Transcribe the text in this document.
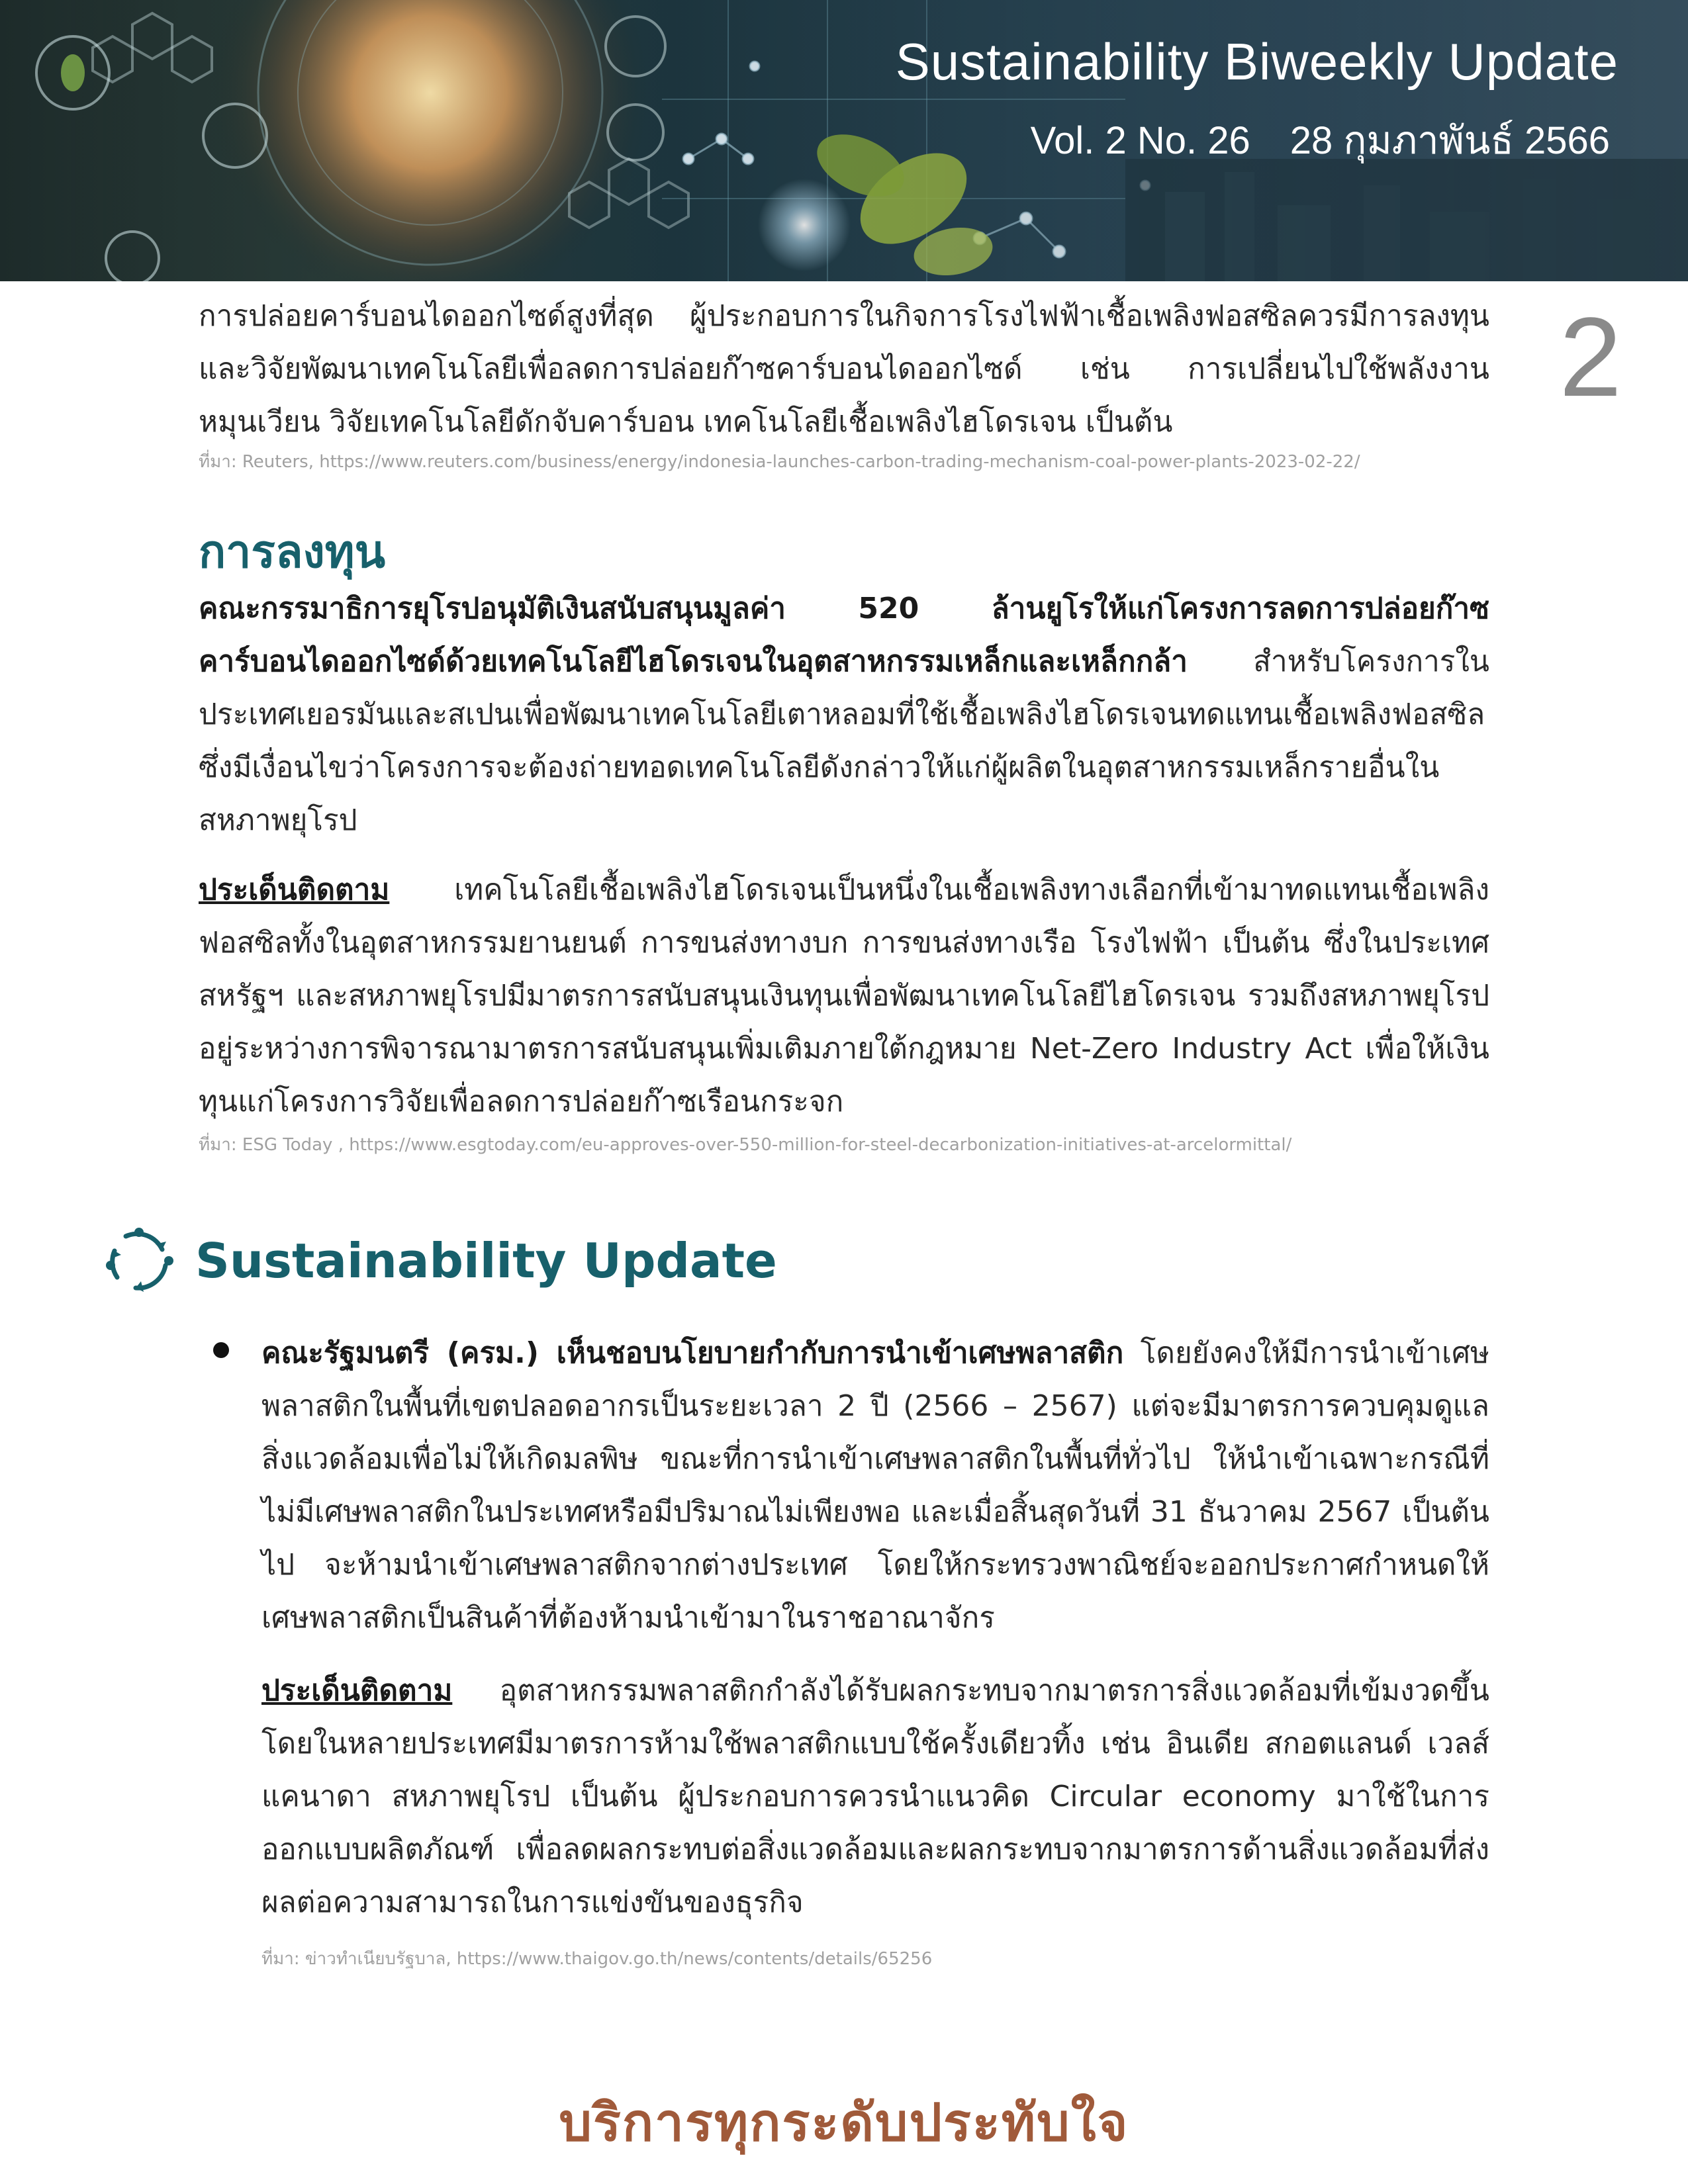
Sustainability Biweekly Update
Vol. 2 No. 26 28 กุมภาพันธ์ 2566
2

การปล่อยคาร์บอนไดออกไซด์สูงที่สุด ผู้ประกอบการในกิจการโรงไฟฟ้าเชื้อเพลิงฟอสซิลควรมีการลงทุนและวิจัยพัฒนาเทคโนโลยีเพื่อลดการปล่อยก๊าซคาร์บอนไดออกไซด์ เช่น การเปลี่ยนไปใช้พลังงานหมุนเวียน วิจัยเทคโนโลยีดักจับคาร์บอน เทคโนโลยีเชื้อเพลิงไฮโดรเจน เป็นต้น

ที่มา: Reuters, https://www.reuters.com/business/energy/indonesia-launches-carbon-trading-mechanism-coal-power-plants-2023-02-22/

การลงทุน

คณะกรรมาธิการยุโรปอนุมัติเงินสนับสนุนมูลค่า 520 ล้านยูโรให้แก่โครงการลดการปล่อยก๊าซคาร์บอนไดออกไซด์ด้วยเทคโนโลยีไฮโดรเจนในอุตสาหกรรมเหล็กและเหล็กกล้า สำหรับโครงการในประเทศเยอรมันและสเปนเพื่อพัฒนาเทคโนโลยีเตาหลอมที่ใช้เชื้อเพลิงไฮโดรเจนทดแทนเชื้อเพลิงฟอสซิล ซึ่งมีเงื่อนไขว่าโครงการจะต้องถ่ายทอดเทคโนโลยีดังกล่าวให้แก่ผู้ผลิตในอุตสาหกรรมเหล็กรายอื่นในสหภาพยุโรป

ประเด็นติดตาม เทคโนโลยีเชื้อเพลิงไฮโดรเจนเป็นหนึ่งในเชื้อเพลิงทางเลือกที่เข้ามาทดแทนเชื้อเพลิงฟอสซิลทั้งในอุตสาหกรรมยานยนต์ การขนส่งทางบก การขนส่งทางเรือ โรงไฟฟ้า เป็นต้น ซึ่งในประเทศสหรัฐฯ และสหภาพยุโรปมีมาตรการสนับสนุนเงินทุนเพื่อพัฒนาเทคโนโลยีไฮโดรเจน รวมถึงสหภาพยุโรปอยู่ระหว่างการพิจารณามาตรการสนับสนุนเพิ่มเติมภายใต้กฎหมาย Net-Zero Industry Act เพื่อให้เงินทุนแก่โครงการวิจัยเพื่อลดการปล่อยก๊าซเรือนกระจก

ที่มา: ESG Today , https://www.esgtoday.com/eu-approves-over-550-million-for-steel-decarbonization-initiatives-at-arcelormittal/

Sustainability Update

คณะรัฐมนตรี (ครม.) เห็นชอบนโยบายกำกับการนำเข้าเศษพลาสติก โดยยังคงให้มีการนำเข้าเศษพลาสติกในพื้นที่เขตปลอดอากรเป็นระยะเวลา 2 ปี (2566 – 2567) แต่จะมีมาตรการควบคุมดูแลสิ่งแวดล้อมเพื่อไม่ให้เกิดมลพิษ ขณะที่การนำเข้าเศษพลาสติกในพื้นที่ทั่วไป ให้นำเข้าเฉพาะกรณีที่ไม่มีเศษพลาสติกในประเทศหรือมีปริมาณไม่เพียงพอ และเมื่อสิ้นสุดวันที่ 31 ธันวาคม 2567 เป็นต้นไป จะห้ามนำเข้าเศษพลาสติกจากต่างประเทศ โดยให้กระทรวงพาณิชย์จะออกประกาศกำหนดให้เศษพลาสติกเป็นสินค้าที่ต้องห้ามนำเข้ามาในราชอาณาจักร

ประเด็นติดตาม อุตสาหกรรมพลาสติกกำลังได้รับผลกระทบจากมาตรการสิ่งแวดล้อมที่เข้มงวดขึ้น โดยในหลายประเทศมีมาตรการห้ามใช้พลาสติกแบบใช้ครั้งเดียวทิ้ง เช่น อินเดีย สกอตแลนด์ เวลส์ แคนาดา สหภาพยุโรป เป็นต้น ผู้ประกอบการควรนำแนวคิด Circular economy มาใช้ในการออกแบบผลิตภัณฑ์ เพื่อลดผลกระทบต่อสิ่งแวดล้อมและผลกระทบจากมาตรการด้านสิ่งแวดล้อมที่ส่งผลต่อความสามารถในการแข่งขันของธุรกิจ

ที่มา: ข่าวทำเนียบรัฐบาล, https://www.thaigov.go.th/news/contents/details/65256

บริการทุกระดับประทับใจ
